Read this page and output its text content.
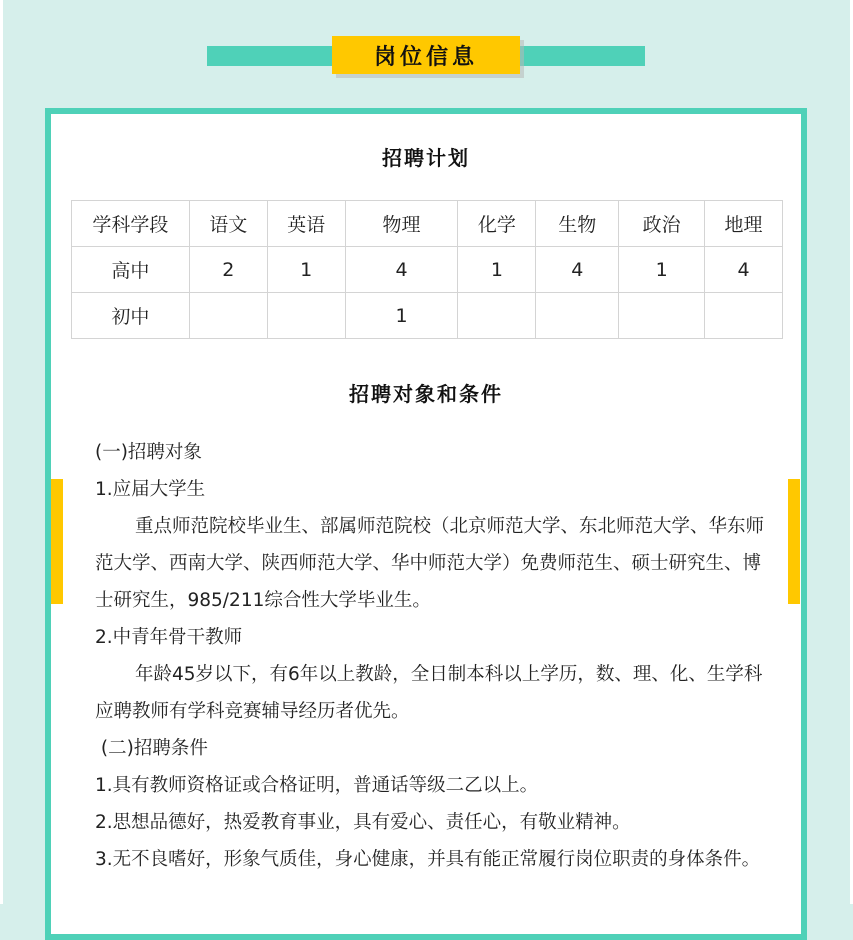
岗位信息
招聘计划
学科学段	语文	英语	物理	化学	生物	政治	地理
高中	2	1	4	1	4	1	4
初中			1				
招聘对象和条件

(一)招聘对象

1.应届大学生

重点师范院校毕业生、部属师范院校（北京师范大学、东北师范大学、华东师范大学、西南大学、陕西师范大学、华中师范大学）免费师范生、硕士研究生、博士研究生，985/211综合性大学毕业生。

2.中青年骨干教师

年龄45岁以下，有6年以上教龄，全日制本科以上学历，数、理、化、生学科应聘教师有学科竞赛辅导经历者优先。

(二)招聘条件

1.具有教师资格证或合格证明，普通话等级二乙以上。

2.思想品德好，热爱教育事业，具有爱心、责任心，有敬业精神。

3.无不良嗜好，形象气质佳，身心健康，并具有能正常履行岗位职责的身体条件。
